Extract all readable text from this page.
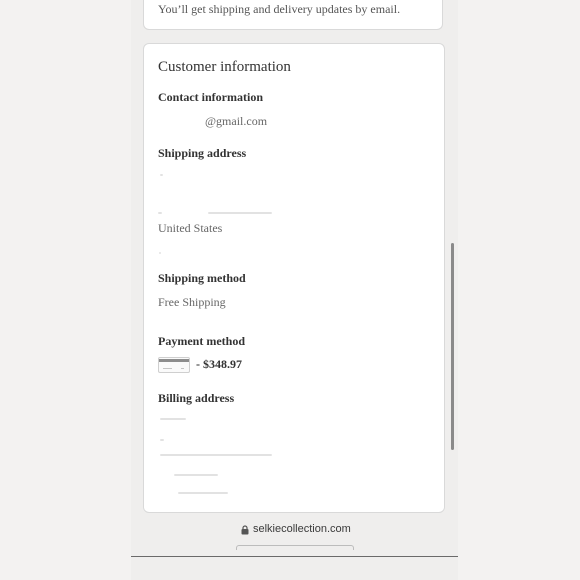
You’ll get shipping and delivery updates by email.
Customer information
Contact information
@gmail.com
Shipping address
United States
Shipping method
Free Shipping
Payment method
- $348.97
Billing address
selkiecollection.com
